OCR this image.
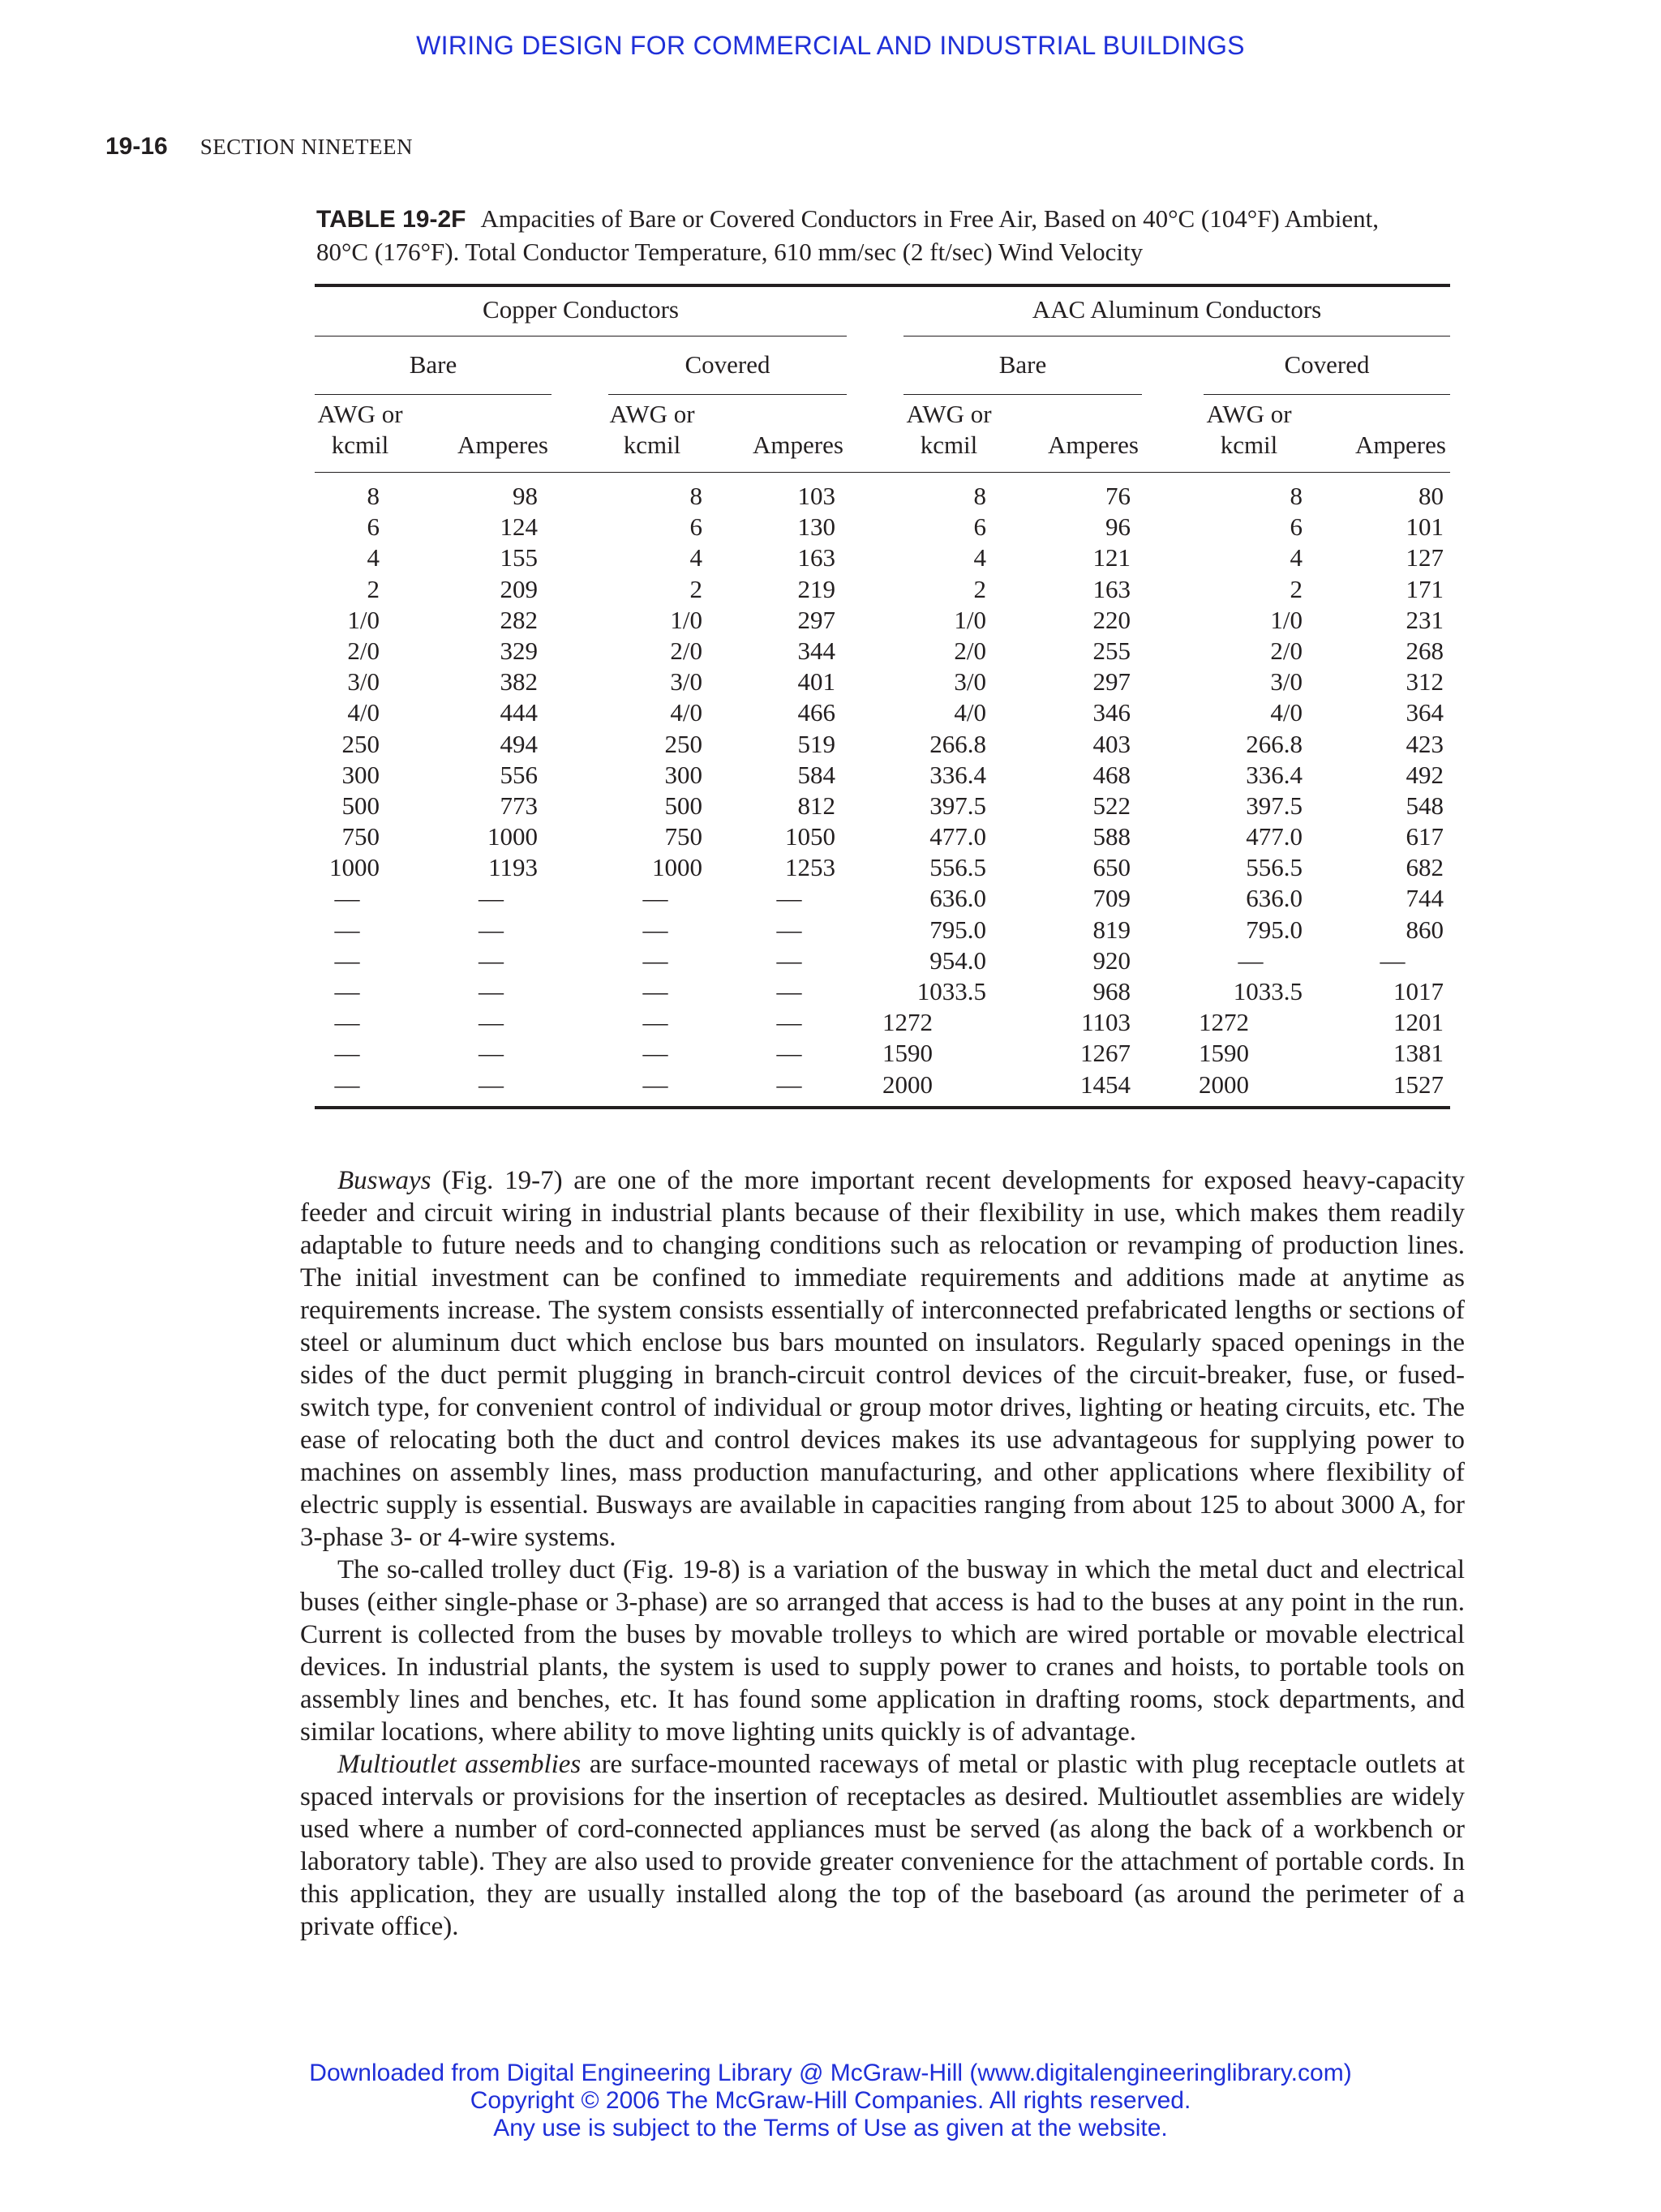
WIRING DESIGN FOR COMMERCIAL AND INDUSTRIAL BUILDINGS
19-16 SECTION NINETEEN
TABLE 19-2F Ampacities of Bare or Covered Conductors in Free Air, Based on 40°C (104°F) Ambient,
80°C (176°F). Total Conductor Temperature, 610 mm/sec (2 ft/sec) Wind Velocity
Copper Conductors	AAC Aluminum Conductors
Bare	Covered	Bare	Covered
AWG or
kcmil	Amperes
AWG or
kcmil	Amperes
AWG or
kcmil	Amperes
AWG or
kcmil	Amperes
8	98	8	103	8	76	8	80
6	124	6	130	6	96	6	101
4	155	4	163	4	121	4	127
2	209	2	219	2	163	2	171
1/0	282	1/0	297	1/0	220	1/0	231
2/0	329	2/0	344	2/0	255	2/0	268
3/0	382	3/0	401	3/0	297	3/0	312
4/0	444	4/0	466	4/0	346	4/0	364
250	494	250	519	266.8	403	266.8	423
300	556	300	584	336.4	468	336.4	492
500	773	500	812	397.5	522	397.5	548
750	1000	750	1050	477.0	588	477.0	617
1000	1193	1000	1253	556.5	650	556.5	682
—	—	—	—	636.0	709	636.0	744
—	—	—	—	795.0	819	795.0	860
—	—	—	—	954.0	920	—	—
—	—	—	—	1033.5	968	1033.5	1017
—	—	—	—	1272	1103	1272	1201
—	—	—	—	1590	1267	1590	1381
—	—	—	—	2000	1454	2000	1527

Busways (Fig. 19-7) are one of the more important recent developments for exposed heavy-capacity feeder and circuit wiring in industrial plants because of their flexibility in use, which makes them readily adaptable to future needs and to changing conditions such as relocation or revamping of production lines. The initial investment can be confined to immediate requirements and additions made at anytime as requirements increase. The system consists essentially of interconnected prefabricated lengths or sections of steel or aluminum duct which enclose bus bars mounted on insulators. Regularly spaced openings in the sides of the duct permit plugging in branch-circuit control devices of the circuit-breaker, fuse, or fused-switch type, for convenient control of individual or group motor drives, lighting or heating circuits, etc. The ease of relocating both the duct and control devices makes its use advantageous for supplying power to machines on assembly lines, mass production manufacturing, and other applications where flexibility of electric supply is essential. Busways are available in capacities ranging from about 125 to about 3000 A, for 3-phase 3- or 4-wire systems.

The so-called trolley duct (Fig. 19-8) is a variation of the busway in which the metal duct and electrical buses (either single-phase or 3-phase) are so arranged that access is had to the buses at any point in the run. Current is collected from the buses by movable trolleys to which are wired portable or movable electrical devices. In industrial plants, the system is used to supply power to cranes and hoists, to portable tools on assembly lines and benches, etc. It has found some application in drafting rooms, stock departments, and similar locations, where ability to move lighting units quickly is of advantage.

Multioutlet assemblies are surface-mounted raceways of metal or plastic with plug receptacle outlets at spaced intervals or provisions for the insertion of receptacles as desired. Multioutlet assemblies are widely used where a number of cord-connected appliances must be served (as along the back of a workbench or laboratory table). They are also used to provide greater convenience for the attachment of portable cords. In this application, they are usually installed along the top of the baseboard (as around the perimeter of a private office).

Downloaded from Digital Engineering Library @ McGraw-Hill (www.digitalengineeringlibrary.com)
Copyright © 2006 The McGraw-Hill Companies. All rights reserved.
Any use is subject to the Terms of Use as given at the website.
